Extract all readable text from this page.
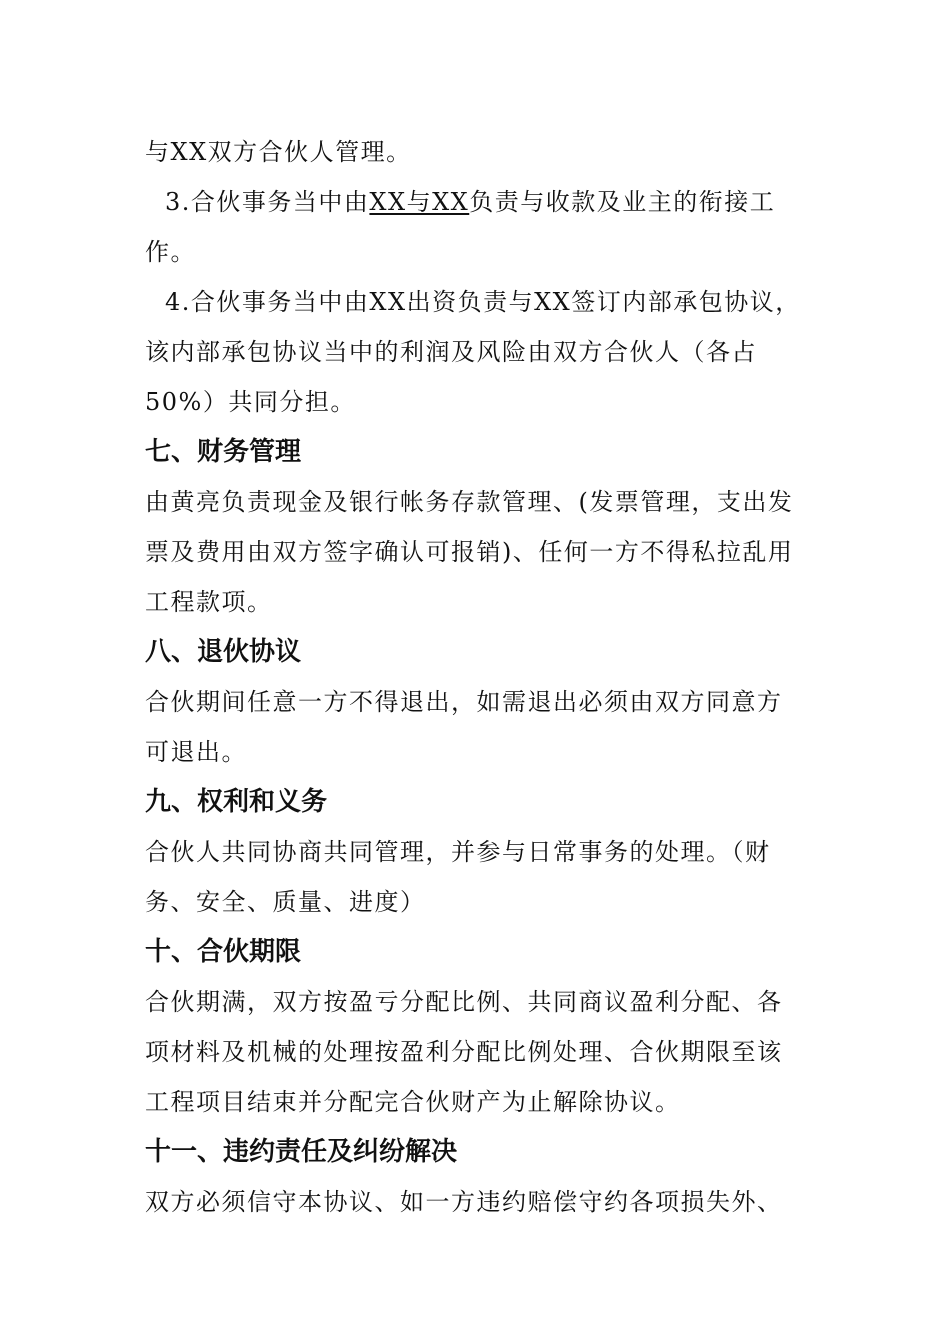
与XX双方合伙人管理。
3.合伙事务当中由XX与XX负责与收款及业主的衔接工
作。
4.合伙事务当中由XX出资负责与XX签订内部承包协议，
该内部承包协议当中的利润及风险由双方合伙人（各占
50%）共同分担。
七、财务管理
由黄亮负责现金及银行帐务存款管理、(发票管理，支出发
票及费用由双方签字确认可报销)、任何一方不得私拉乱用
工程款项。
八、退伙协议
合伙期间任意一方不得退出，如需退出必须由双方同意方
可退出。
九、权利和义务
合伙人共同协商共同管理，并参与日常事务的处理。（财
务、安全、质量、进度）
十、合伙期限
合伙期满，双方按盈亏分配比例、共同商议盈利分配、各
项材料及机械的处理按盈利分配比例处理、合伙期限至该
工程项目结束并分配完合伙财产为止解除协议。
十一、违约责任及纠纷解决
双方必须信守本协议、如一方违约赔偿守约各项损失外、
